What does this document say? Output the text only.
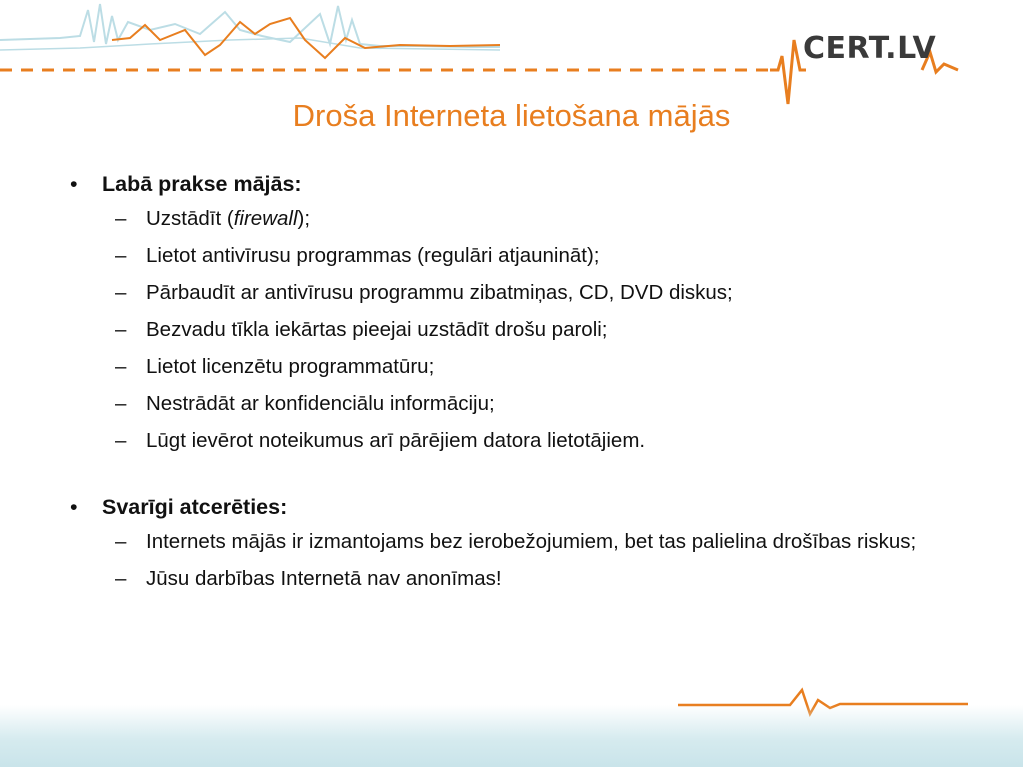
CERT.LV
Droša Interneta lietošana mājās
•	Labā prakse mājās:
– Uzstādīt (firewall);
– Lietot antivīrusu programmas (regulāri atjaunināt);
– Pārbaudīt ar antivīrusu programmu zibatmiņas, CD, DVD diskus;
– Bezvadu tīkla iekārtas pieejai uzstādīt drošu paroli;
– Lietot licenzētu programmatūru;
– Nestrādāt ar konfidenciālu informāciju;
– Lūgt ievērot noteikumus arī pārējiem datora lietotājiem.
•	Svarīgi atcerēties:
– Internets mājās ir izmantojams bez ierobežojumiem, bet tas palielina drošības riskus;
– Jūsu darbības Internetā nav anonīmas!
